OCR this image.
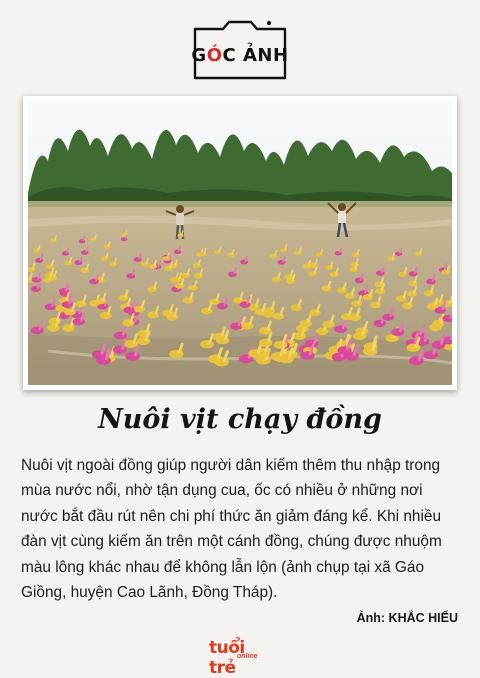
GÓC ẢNH
Nuôi vịt chạy đồng
Nuôi vịt ngoài đồng giúp người dân kiếm thêm thu nhập trong mùa nước nổi, nhờ tận dụng cua, ốc có nhiều ở những nơi nước bắt đầu rút nên chi phí thức ăn giảm đáng kể. Khi nhiều đàn vịt cùng kiếm ăn trên một cánh đồng, chúng được nhuộm màu lông khác nhau để không lẫn lộn (ảnh chụp tại xã Gáo Giồng, huyện Cao Lãnh, Đồng Tháp).
Ảnh: KHẮC HIẾU
tuổi trẻ
online
